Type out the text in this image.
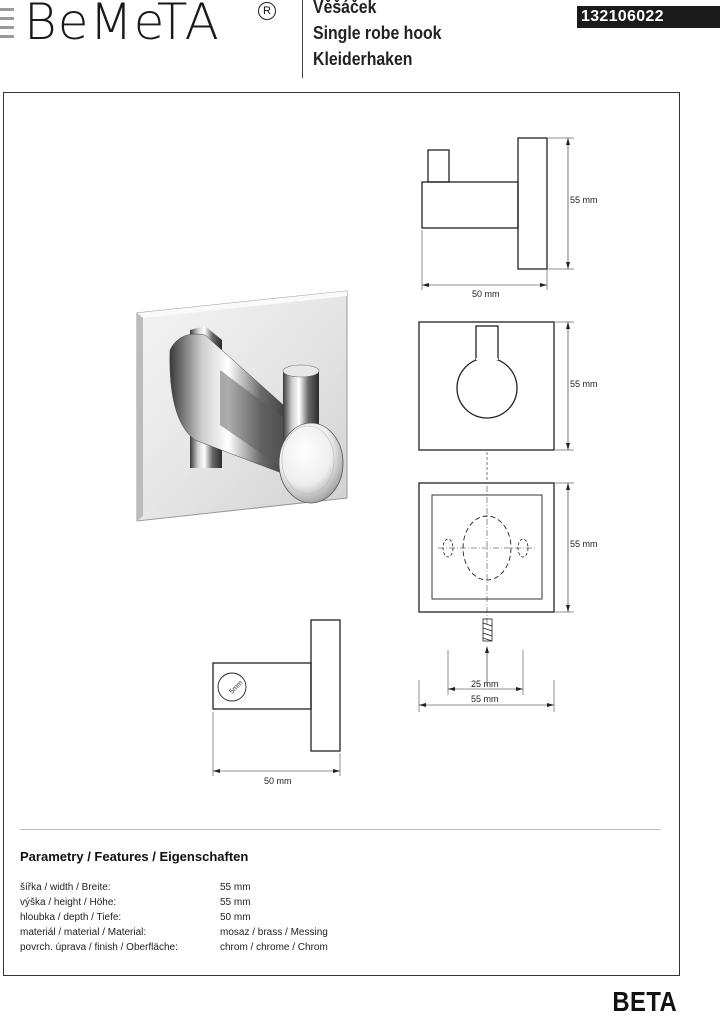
BeMeTA	R Věšáček
Single robe hook
Kleiderhaken
132106022
55 mm
50 mm
55 mm
55 mm
25 mm
55 mm
5mm
50 mm
Parametry / Features / Eigenschaften
šířka / width / Breite:	55 mm
výška / height / Höhe:	55 mm
hloubka / depth / Tiefe:	50 mm
materiál / material / Material:	mosaz / brass / Messing
povrch. úprava / finish / Oberfläche:	chrom / chrome / Chrom
BETA
